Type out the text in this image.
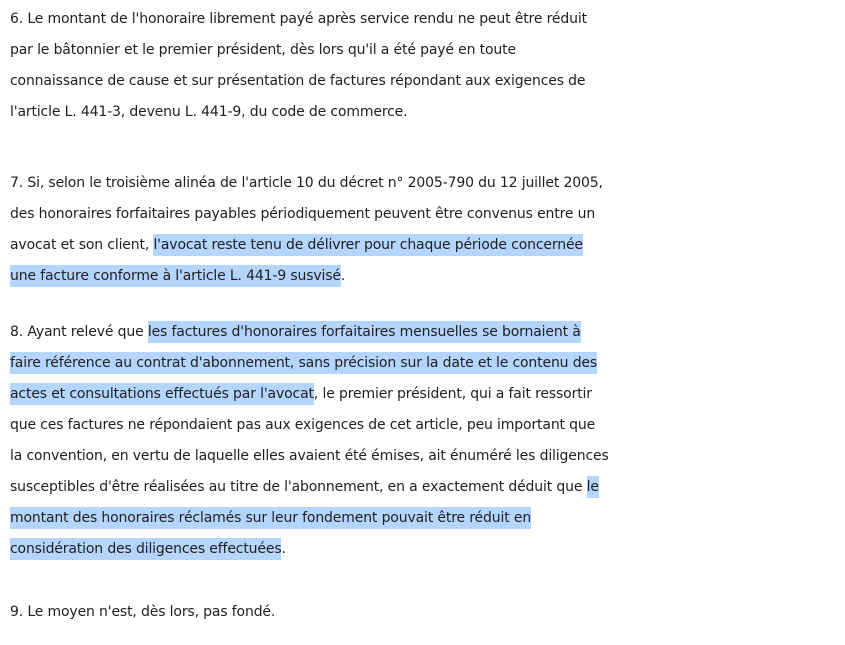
6. Le montant de l'honoraire librement payé après service rendu ne peut être réduit
par le bâtonnier et le premier président, dès lors qu'il a été payé en toute
connaissance de cause et sur présentation de factures répondant aux exigences de
l'article L. 441-3, devenu L. 441-9, du code de commerce.
7. Si, selon le troisième alinéa de l'article 10 du décret n° 2005-790 du 12 juillet 2005,
des honoraires forfaitaires payables périodiquement peuvent être convenus entre un
avocat et son client, l'avocat reste tenu de délivrer pour chaque période concernée
une facture conforme à l'article L. 441-9 susvisé.
8. Ayant relevé que les factures d'honoraires forfaitaires mensuelles se bornaient à
faire référence au contrat d'abonnement, sans précision sur la date et le contenu des
actes et consultations effectués par l'avocat, le premier président, qui a fait ressortir
que ces factures ne répondaient pas aux exigences de cet article, peu important que
la convention, en vertu de laquelle elles avaient été émises, ait énuméré les diligences
susceptibles d'être réalisées au titre de l'abonnement, en a exactement déduit que le
montant des honoraires réclamés sur leur fondement pouvait être réduit en
considération des diligences effectuées.
9. Le moyen n'est, dès lors, pas fondé.
